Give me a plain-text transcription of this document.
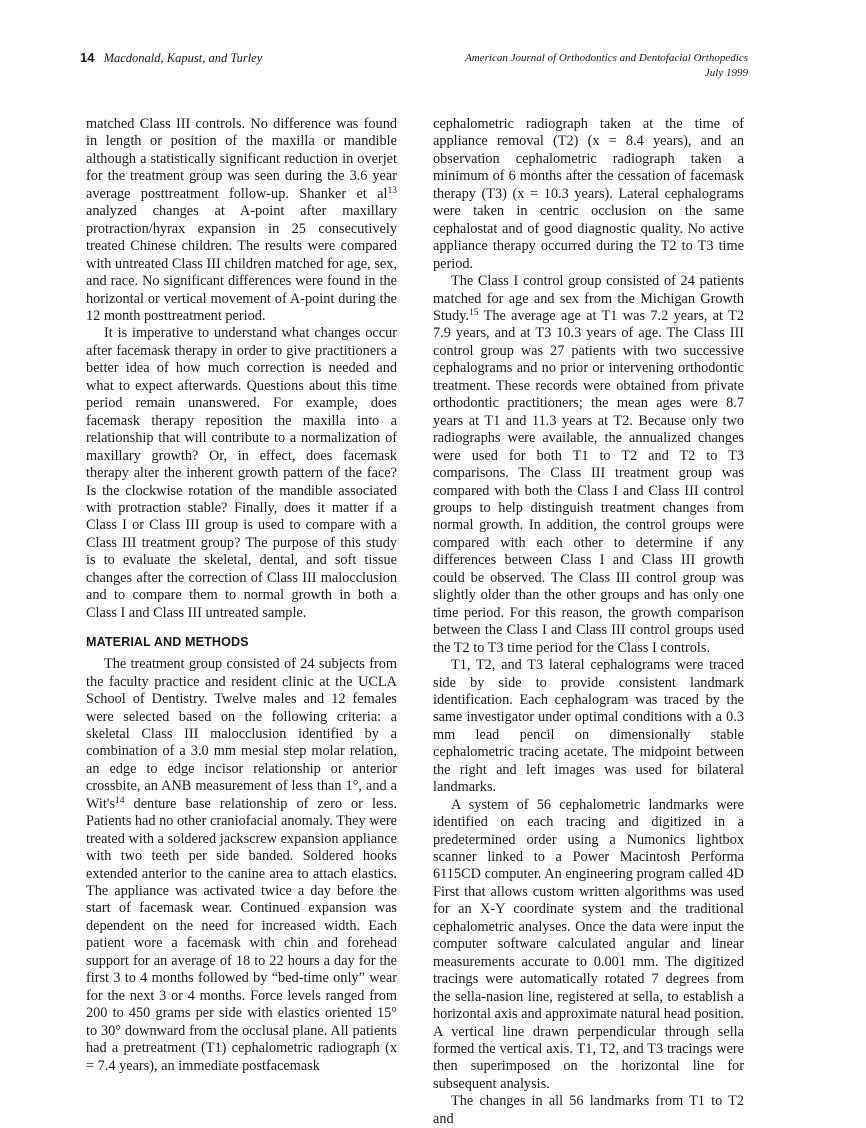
14 Macdonald, Kapust, and Turley	American Journal of Orthodontics and Dentofacial Orthopedics
July 1999

matched Class III controls. No difference was found in length or position of the maxilla or mandible although a statistically significant reduction in overjet for the treatment group was seen during the 3.6 year average posttreatment follow-up. Shanker et $al^{13}$ analyzed changes at A-point after maxillary protraction/hyrax expansion in 25 consecutively treated Chinese children. The results were compared with untreated Class III children matched for age, sex, and race. No significant differences were found in the horizontal or vertical movement of A-point during the 12 month posttreatment period.

It is imperative to understand what changes occur after facemask therapy in order to give practitioners a better idea of how much correction is needed and what to expect afterwards. Questions about this time period remain unanswered. For example, does facemask therapy reposition the maxilla into a relationship that will contribute to a normalization of maxillary growth? Or, in effect, does facemask therapy alter the inherent growth pattern of the face? Is the clockwise rotation of the mandible associated with protraction stable? Finally, does it matter if a Class I or Class III group is used to compare with a Class III treatment group? The purpose of this study is to evaluate the skeletal, dental, and soft tissue changes after the correction of Class III malocclusion and to compare them to normal growth in both a Class I and Class III untreated sample.

MATERIAL AND METHODS

The treatment group consisted of 24 subjects from the faculty practice and resident clinic at the UCLA School of Dentistry. Twelve males and 12 females were selected based on the following criteria: a skeletal Class III malocclusion identified by a combination of a 3.0 mm mesial step molar relation, an edge to edge incisor relationship or anterior crossbite, an ANB measurement of less than 1°, and a $Wit's^{14}$ denture base relationship of zero or less. Patients had no other craniofacial anomaly. They were treated with a soldered jackscrew expansion appliance with two teeth per side banded. Soldered hooks extended anterior to the canine area to attach elastics. The appliance was activated twice a day before the start of facemask wear. Continued expansion was dependent on the need for increased width. Each patient wore a facemask with chin and forehead support for an average of 18 to 22 hours a day for the first 3 to 4 months followed by “bed-time only” wear for the next 3 or 4 months. Force levels ranged from 200 to 450 grams per side with elastics oriented 15° to 30° downward from the occlusal plane. All patients had a pretreatment (T1) cephalometric radiograph (x = 7.4 years), an immediate postfacemask

cephalometric radiograph taken at the time of appliance removal (T2) (x = 8.4 years), and an observation cephalometric radiograph taken a minimum of 6 months after the cessation of facemask therapy (T3) (x = 10.3 years). Lateral cephalograms were taken in centric occlusion on the same cephalostat and of good diagnostic quality. No active appliance therapy occurred during the T2 to T3 time period.

The Class I control group consisted of 24 patients matched for age and sex from the Michigan Growth Study.$^{15}$ The average age at T1 was 7.2 years, at T2 7.9 years, and at T3 10.3 years of age. The Class III control group was 27 patients with two successive cephalograms and no prior or intervening orthodontic treatment. These records were obtained from private orthodontic practitioners; the mean ages were 8.7 years at T1 and 11.3 years at T2. Because only two radiographs were available, the annualized changes were used for both T1 to T2 and T2 to T3 comparisons. The Class III treatment group was compared with both the Class I and Class III control groups to help distinguish treatment changes from normal growth. In addition, the control groups were compared with each other to determine if any differences between Class I and Class III growth could be observed. The Class III control group was slightly older than the other groups and has only one time period. For this reason, the growth comparison between the Class I and Class III control groups used the T2 to T3 time period for the Class I controls.

T1, T2, and T3 lateral cephalograms were traced side by side to provide consistent landmark identification. Each cephalogram was traced by the same investigator under optimal conditions with a 0.3 mm lead pencil on dimensionally stable cephalometric tracing acetate. The midpoint between the right and left images was used for bilateral landmarks.

A system of 56 cephalometric landmarks were identified on each tracing and digitized in a predetermined order using a Numonics lightbox scanner linked to a Power Macintosh Performa 6115CD computer. An engineering program called 4D First that allows custom written algorithms was used for an X-Y coordinate system and the traditional cephalometric analyses. Once the data were input the computer software calculated angular and linear measurements accurate to 0.001 mm. The digitized tracings were automatically rotated 7 degrees from the sella-nasion line, registered at sella, to establish a horizontal axis and approximate natural head position. A vertical line drawn perpendicular through sella formed the vertical axis. T1, T2, and T3 tracings were then superimposed on the horizontal line for subsequent analysis.

The changes in all 56 landmarks from T1 to T2 and
